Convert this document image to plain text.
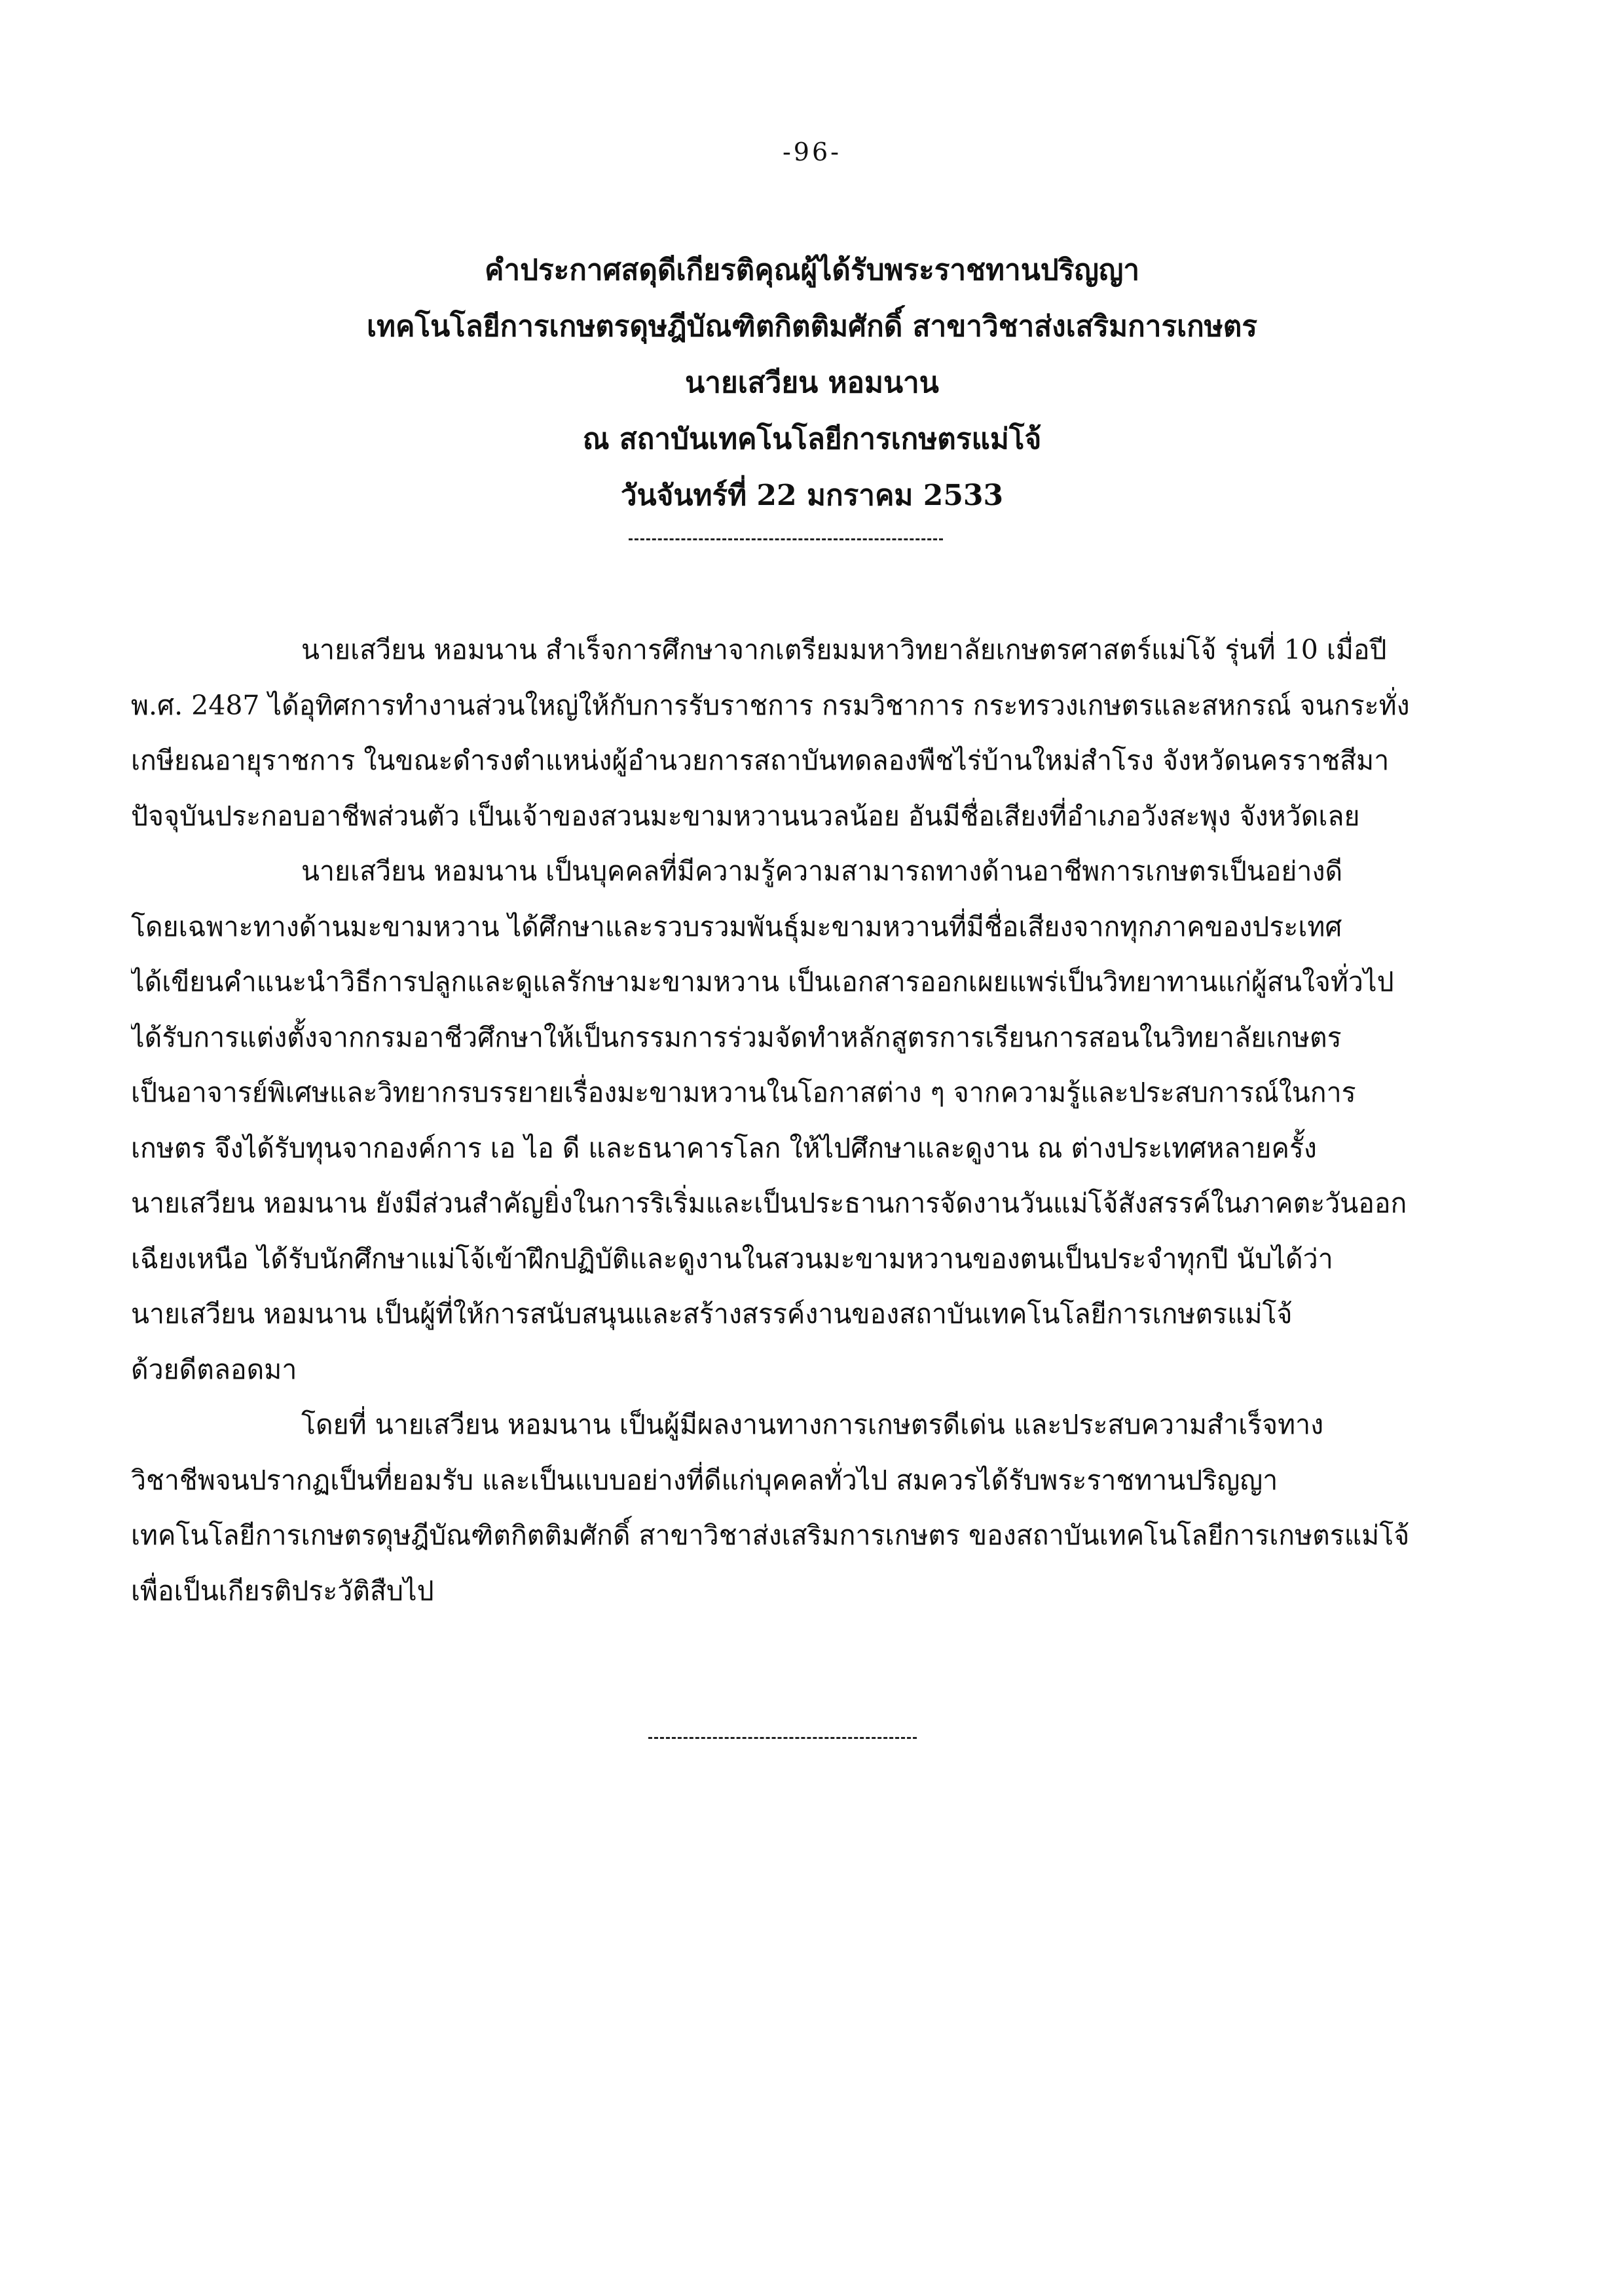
-96-
คำประกาศสดุดีเกียรติคุณผู้ได้รับพระราชทานปริญญา
เทคโนโลยีการเกษตรดุษฎีบัณฑิตกิตติมศักดิ์ สาขาวิชาส่งเสริมการเกษตร
นายเสวียน หอมนาน
ณ สถาบันเทคโนโลยีการเกษตรแม่โจ้
วันจันทร์ที่ 22 มกราคม 2533
นายเสวียน หอมนาน สำเร็จการศึกษาจากเตรียมมหาวิทยาลัยเกษตรศาสตร์แม่โจ้ รุ่นที่ 10 เมื่อปี
พ.ศ. 2487 ได้อุทิศการทำงานส่วนใหญ่ให้กับการรับราชการ กรมวิชาการ กระทรวงเกษตรและสหกรณ์ จนกระทั่ง
เกษียณอายุราชการ ในขณะดำรงตำแหน่งผู้อำนวยการสถาบันทดลองพืชไร่บ้านใหม่สำโรง จังหวัดนครราชสีมา
ปัจจุบันประกอบอาชีพส่วนตัว เป็นเจ้าของสวนมะขามหวานนวลน้อย อันมีชื่อเสียงที่อำเภอวังสะพุง จังหวัดเลย
นายเสวียน หอมนาน เป็นบุคคลที่มีความรู้ความสามารถทางด้านอาชีพการเกษตรเป็นอย่างดี
โดยเฉพาะทางด้านมะขามหวาน ได้ศึกษาและรวบรวมพันธุ์มะขามหวานที่มีชื่อเสียงจากทุกภาคของประเทศ
ได้เขียนคำแนะนำวิธีการปลูกและดูแลรักษามะขามหวาน เป็นเอกสารออกเผยแพร่เป็นวิทยาทานแก่ผู้สนใจทั่วไป
ได้รับการแต่งตั้งจากกรมอาชีวศึกษาให้เป็นกรรมการร่วมจัดทำหลักสูตรการเรียนการสอนในวิทยาลัยเกษตร
เป็นอาจารย์พิเศษและวิทยากรบรรยายเรื่องมะขามหวานในโอกาสต่าง ๆ จากความรู้และประสบการณ์ในการ
เกษตร จึงได้รับทุนจากองค์การ เอ ไอ ดี และธนาคารโลก ให้ไปศึกษาและดูงาน ณ ต่างประเทศหลายครั้ง
นายเสวียน หอมนาน ยังมีส่วนสำคัญยิ่งในการริเริ่มและเป็นประธานการจัดงานวันแม่โจ้สังสรรค์ในภาคตะวันออก
เฉียงเหนือ ได้รับนักศึกษาแม่โจ้เข้าฝึกปฏิบัติและดูงานในสวนมะขามหวานของตนเป็นประจำทุกปี นับได้ว่า
นายเสวียน หอมนาน เป็นผู้ที่ให้การสนับสนุนและสร้างสรรค์งานของสถาบันเทคโนโลยีการเกษตรแม่โจ้
ด้วยดีตลอดมา
โดยที่ นายเสวียน หอมนาน เป็นผู้มีผลงานทางการเกษตรดีเด่น และประสบความสำเร็จทาง
วิชาชีพจนปรากฏเป็นที่ยอมรับ และเป็นแบบอย่างที่ดีแก่บุคคลทั่วไป สมควรได้รับพระราชทานปริญญา
เทคโนโลยีการเกษตรดุษฎีบัณฑิตกิตติมศักดิ์ สาขาวิชาส่งเสริมการเกษตร ของสถาบันเทคโนโลยีการเกษตรแม่โจ้
เพื่อเป็นเกียรติประวัติสืบไป
